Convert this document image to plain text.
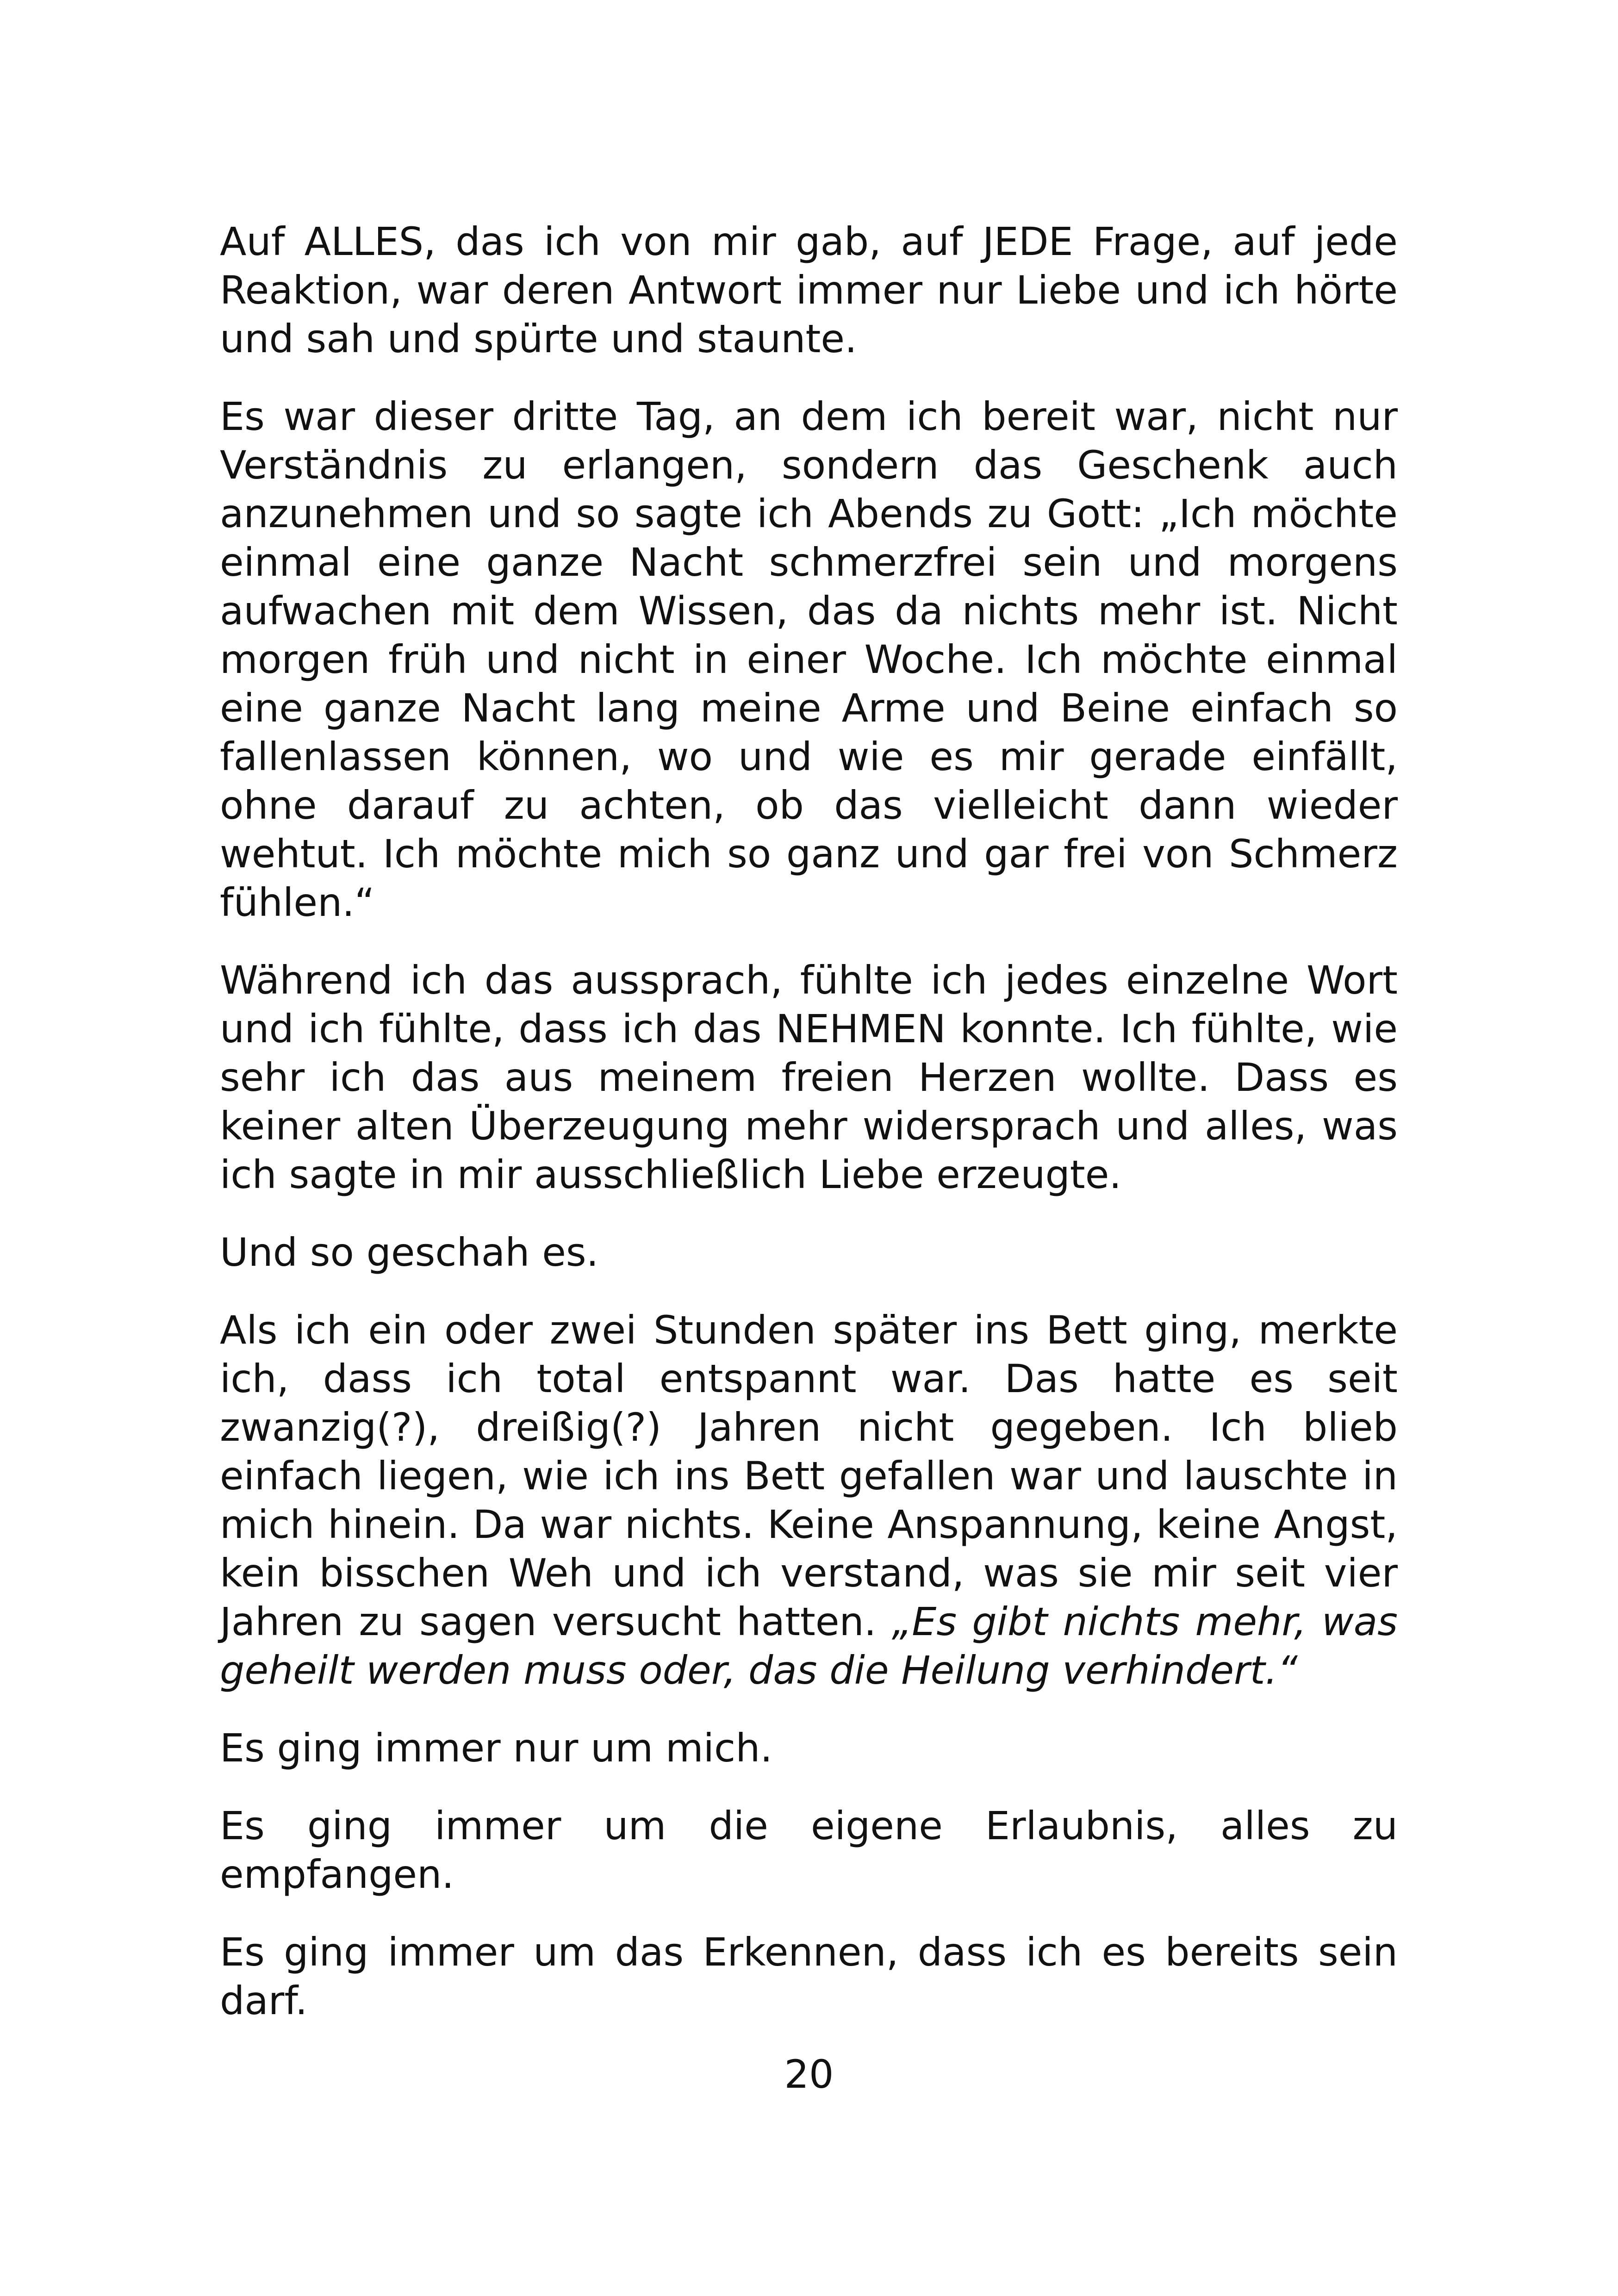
Auf ALLES, das ich von mir gab, auf JEDE Frage, auf jede Reaktion, war deren Antwort immer nur Liebe und ich hörte und sah und spürte und staunte.

Es war dieser dritte Tag, an dem ich bereit war, nicht nur Verständnis zu erlangen, sondern das Geschenk auch anzunehmen und so sagte ich Abends zu Gott: „Ich möchte einmal eine ganze Nacht schmerzfrei sein und morgens aufwachen mit dem Wissen, das da nichts mehr ist. Nicht morgen früh und nicht in einer Woche. Ich möchte einmal eine ganze Nacht lang meine Arme und Beine einfach so fallenlassen können, wo und wie es mir gerade einfällt, ohne darauf zu achten, ob das vielleicht dann wieder wehtut. Ich möchte mich so ganz und gar frei von Schmerz fühlen.“

Während ich das aussprach, fühlte ich jedes einzelne Wort und ich fühlte, dass ich das NEHMEN konnte. Ich fühlte, wie sehr ich das aus meinem freien Herzen wollte. Dass es keiner alten Überzeugung mehr widersprach und alles, was ich sagte in mir ausschließlich Liebe erzeugte.

Und so geschah es.

Als ich ein oder zwei Stunden später ins Bett ging, merkte ich, dass ich total entspannt war. Das hatte es seit zwanzig(?), dreißig(?) Jahren nicht gegeben. Ich blieb einfach liegen, wie ich ins Bett gefallen war und lauschte in mich hinein. Da war nichts. Keine Anspannung, keine Angst, kein bisschen Weh und ich verstand, was sie mir seit vier Jahren zu sagen versucht hatten. „Es gibt nichts mehr, was geheilt werden muss oder, das die Heilung verhindert.“

Es ging immer nur um mich.

Es ging immer um die eigene Erlaubnis, alles zu empfangen.

Es ging immer um das Erkennen, dass ich es bereits sein darf.

20
